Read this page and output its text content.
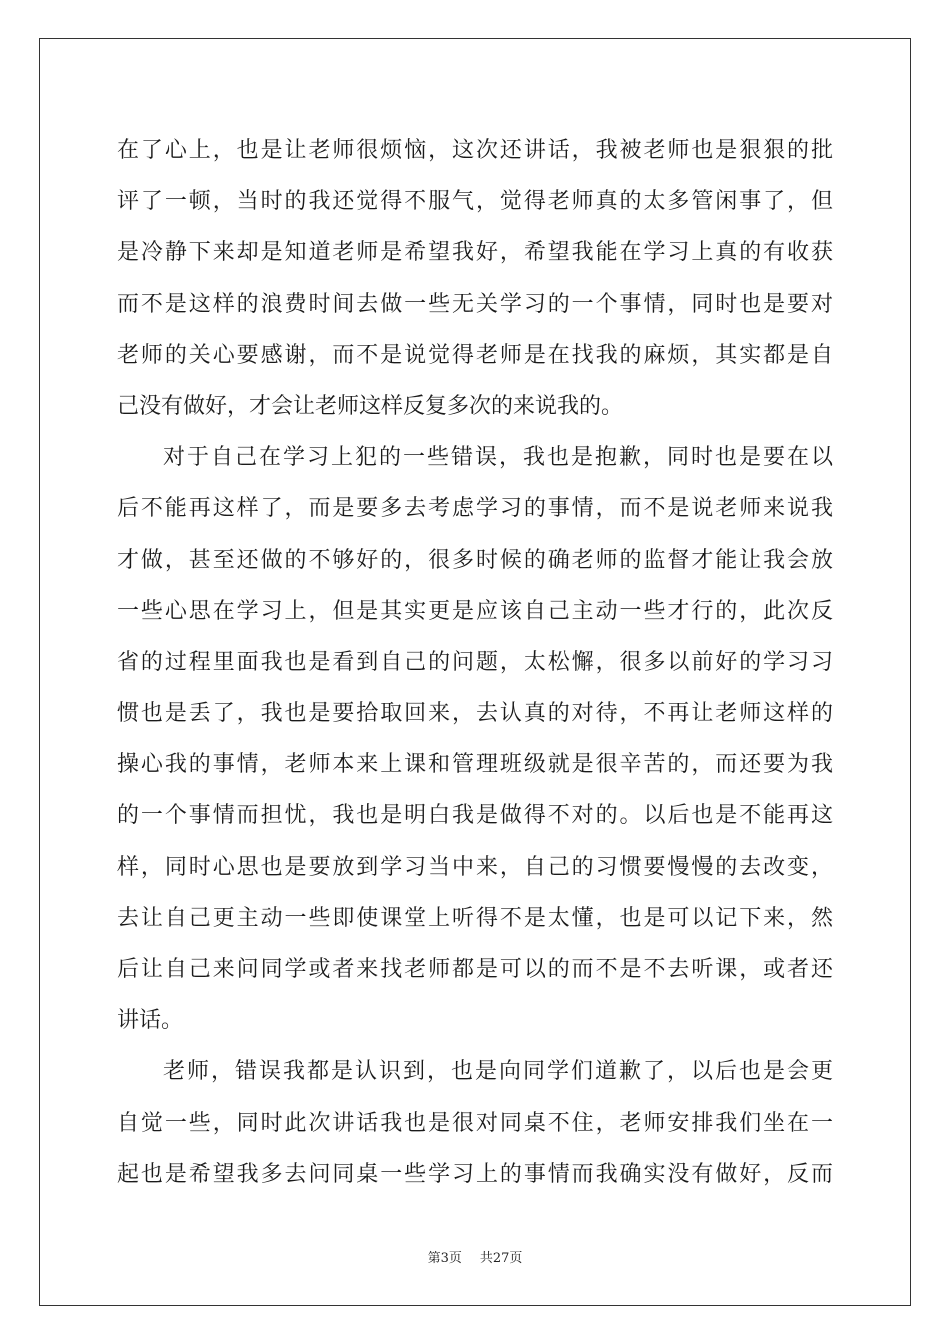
在了心上，也是让老师很烦恼，这次还讲话，我被老师也是狠狠的批
评了一顿，当时的我还觉得不服气，觉得老师真的太多管闲事了，但
是冷静下来却是知道老师是希望我好，希望我能在学习上真的有收获
而不是这样的浪费时间去做一些无关学习的一个事情，同时也是要对
老师的关心要感谢，而不是说觉得老师是在找我的麻烦，其实都是自
己没有做好，才会让老师这样反复多次的来说我的。
对于自己在学习上犯的一些错误，我也是抱歉，同时也是要在以
后不能再这样了，而是要多去考虑学习的事情，而不是说老师来说我
才做，甚至还做的不够好的，很多时候的确老师的监督才能让我会放
一些心思在学习上，但是其实更是应该自己主动一些才行的，此次反
省的过程里面我也是看到自己的问题，太松懈，很多以前好的学习习
惯也是丢了，我也是要拾取回来，去认真的对待，不再让老师这样的
操心我的事情，老师本来上课和管理班级就是很辛苦的，而还要为我
的一个事情而担忧，我也是明白我是做得不对的。以后也是不能再这
样，同时心思也是要放到学习当中来，自己的习惯要慢慢的去改变，
去让自己更主动一些即使课堂上听得不是太懂，也是可以记下来，然
后让自己来问同学或者来找老师都是可以的而不是不去听课，或者还
讲话。
老师，错误我都是认识到，也是向同学们道歉了，以后也是会更
自觉一些，同时此次讲话我也是很对同桌不住，老师安排我们坐在一
起也是希望我多去问同桌一些学习上的事情而我确实没有做好，反而
第3页 共27页
